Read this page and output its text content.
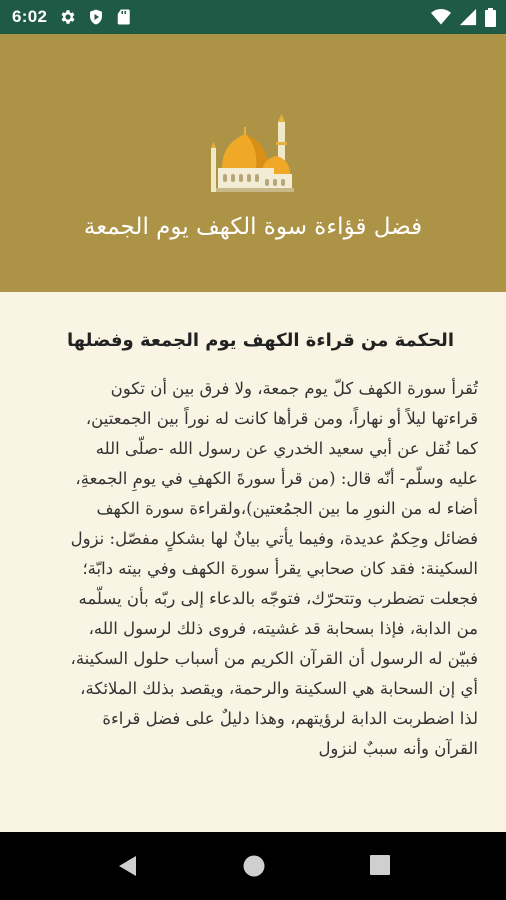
6:02
فضل قؤاءة سوة الكهف يوم الجمعة
الحكمة من قراءة الكهف يوم الجمعة وفضلها
تُقرأ سورة الكهف كلّ يوم جمعة، ولا فرق بين أن تكون قراءتها ليلاً أو نهاراً، ومن قرأها كانت له نوراً بين الجمعتين، كما نُقل عن أبي سعيد الخدري عن رسول الله -صلّى الله عليه وسلّم- أنّه قال: (من قرأ سورةَ الكهفِ في يومِ الجمعةِ، أضاء له من النورِ ما بين الجمُعتين)،ولقراءة سورة الكهف فضائل وحِكمٌ عديدة، وفيما يأتي بيانٌ لها بشكلٍ مفصّل: نزول السكينة: فقد كان صحابي يقرأ سورة الكهف وفي بيته دابّة؛ فجعلت تضطرب وتتحرّك، فتوجّه بالدعاء إلى ربّه بأن يسلّمه من الدابة، فإذا بسحابة قد غشيته، فروى ذلك لرسول الله، فبيّن له الرسول أن القرآن الكريم من أسباب حلول السكينة، أي إن السحابة هي السكينة والرحمة، ويقصد بذلك الملائكة، لذا اضطربت الدابة لرؤيتهم، وهذا دليلٌ على فضل قراءة القرآن وأنه سببٌ لنزول
